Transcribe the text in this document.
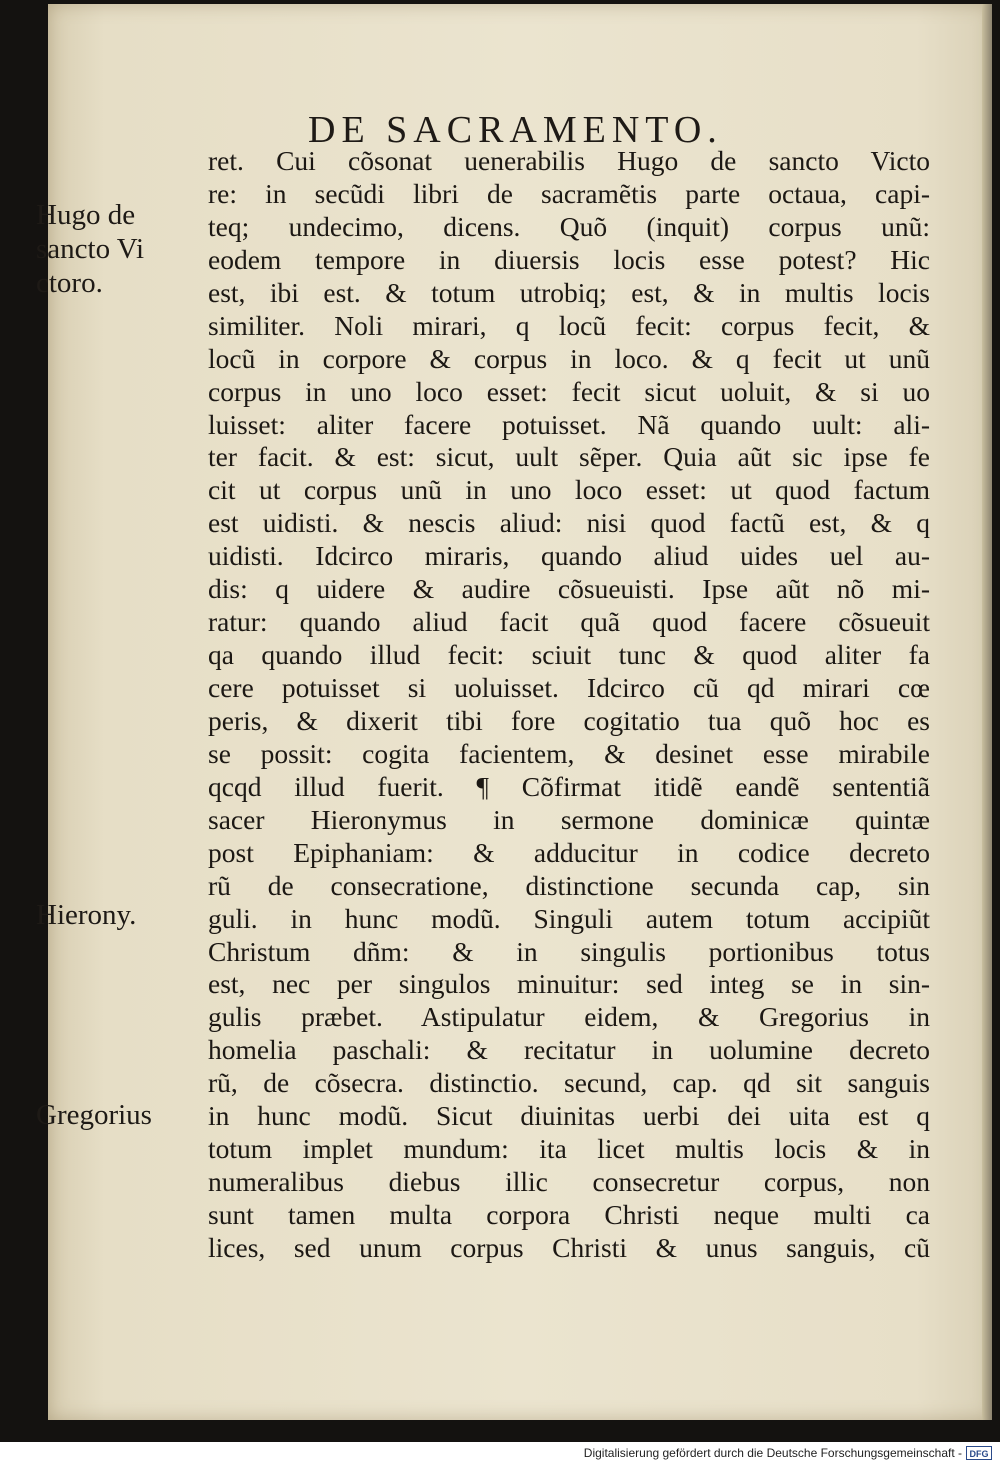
DE SACRAMENTO.
ret. Cui cõsonat uenerabilis Hugo de sancto Victo
re: in secũdi libri de sacramẽtis parte octaua, capi-
teq; undecimo, dicens. Quõ (inquit) corpus unũ:
eodem tempore in diuersis locis esse potest? Hic
est, ibi est. & totum utrobiq; est, & in multis locis
similiter. Noli mirari, q locũ fecit: corpus fecit, &
locũ in corpore & corpus in loco. & q fecit ut unũ
corpus in uno loco esset: fecit sicut uoluit, & si uo
luisset: aliter facere potuisset. Nã quando uult: ali-
ter facit. & est: sicut, uult sẽper. Quia aũt sic ipse fe
cit ut corpus unũ in uno loco esset: ut quod factum
est uidisti. & nescis aliud: nisi quod factũ est, & q
uidisti. Idcirco miraris, quando aliud uides uel au-
dis: q uidere & audire cõsueuisti. Ipse aũt nõ mi-
ratur: quando aliud facit quã quod facere cõsueuit
qa quando illud fecit: sciuit tunc & quod aliter fa
cere potuisset si uoluisset. Idcirco cũ qd mirari cœ
peris, & dixerit tibi fore cogitatio tua quõ hoc es
se possit: cogita facientem, & desinet esse mirabile
qcqd illud fuerit. ¶ Cõfirmat itidẽ eandẽ sententiã
sacer Hieronymus in sermone dominicæ quintæ
post Epiphaniam: & adducitur in codice decreto
rũ de consecratione, distinctione secunda cap, sin
guli. in hunc modũ. Singuli autem totum accipiũt
Christum dñm: & in singulis portionibus totus
est, nec per singulos minuitur: sed integ se in sin-
gulis præbet. Astipulatur eidem, & Gregorius in
homelia paschali: & recitatur in uolumine decreto
rũ, de cõsecra. distinctio. secund, cap. qd sit sanguis
in hunc modũ. Sicut diuinitas uerbi dei uita est q
totum implet mundum: ita licet multis locis & in
numeralibus diebus illic consecretur corpus, non
sunt tamen multa corpora Christi neque multi ca
lices, sed unum corpus Christi & unus sanguis, cũ
Hugo de
sancto Vi
ctoro.
Hierony.
Gregorius
Digitalisierung gefördert durch die Deutsche Forschungsgemeinschaft - DFG
